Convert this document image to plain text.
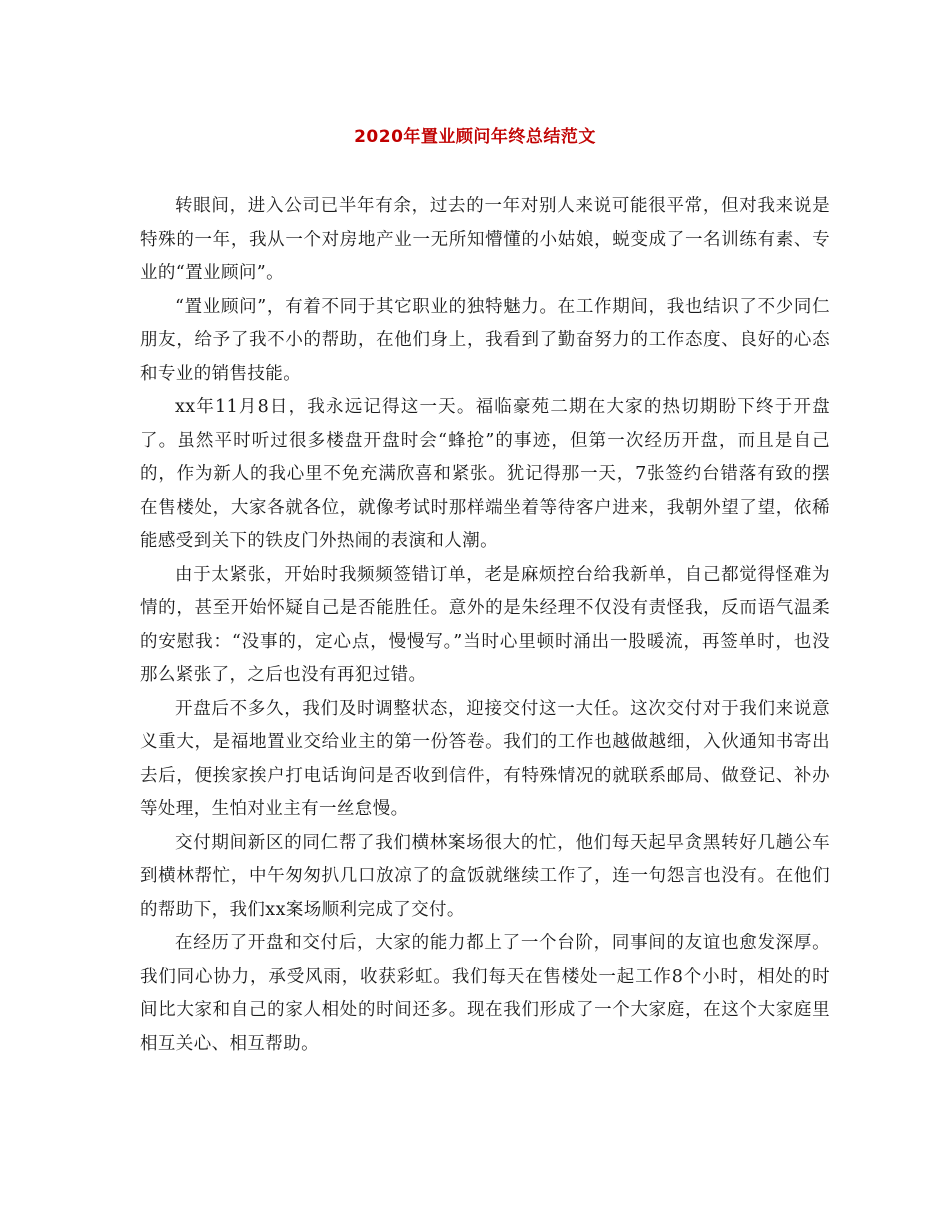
2020年置业顾问年终总结范文

转眼间，进入公司已半年有余，过去的一年对别人来说可能很平常，但对我来说是特殊的一年，我从一个对房地产业一无所知懵懂的小姑娘，蜕变成了一名训练有素、专业的“置业顾问”。

“置业顾问”，有着不同于其它职业的独特魅力。在工作期间，我也结识了不少同仁朋友，给予了我不小的帮助，在他们身上，我看到了勤奋努力的工作态度、良好的心态和专业的销售技能。

xx年11月8日，我永远记得这一天。福临豪苑二期在大家的热切期盼下终于开盘了。虽然平时听过很多楼盘开盘时会“蜂抢”的事迹，但第一次经历开盘，而且是自己的，作为新人的我心里不免充满欣喜和紧张。犹记得那一天，7张签约台错落有致的摆在售楼处，大家各就各位，就像考试时那样端坐着等待客户进来，我朝外望了望，依稀能感受到关下的铁皮门外热闹的表演和人潮。

由于太紧张，开始时我频频签错订单，老是麻烦控台给我新单，自己都觉得怪难为情的，甚至开始怀疑自己是否能胜任。意外的是朱经理不仅没有责怪我，反而语气温柔的安慰我：“没事的，定心点，慢慢写。”当时心里顿时涌出一股暖流，再签单时，也没那么紧张了，之后也没有再犯过错。

开盘后不多久，我们及时调整状态，迎接交付这一大任。这次交付对于我们来说意义重大，是福地置业交给业主的第一份答卷。我们的工作也越做越细，入伙通知书寄出去后，便挨家挨户打电话询问是否收到信件，有特殊情况的就联系邮局、做登记、补办等处理，生怕对业主有一丝怠慢。

交付期间新区的同仁帮了我们横林案场很大的忙，他们每天起早贪黑转好几趟公车到横林帮忙，中午匆匆扒几口放凉了的盒饭就继续工作了，连一句怨言也没有。在他们的帮助下，我们xx案场顺利完成了交付。

在经历了开盘和交付后，大家的能力都上了一个台阶，同事间的友谊也愈发深厚。我们同心协力，承受风雨，收获彩虹。我们每天在售楼处一起工作8个小时，相处的时间比大家和自己的家人相处的时间还多。现在我们形成了一个大家庭，在这个大家庭里相互关心、相互帮助。
